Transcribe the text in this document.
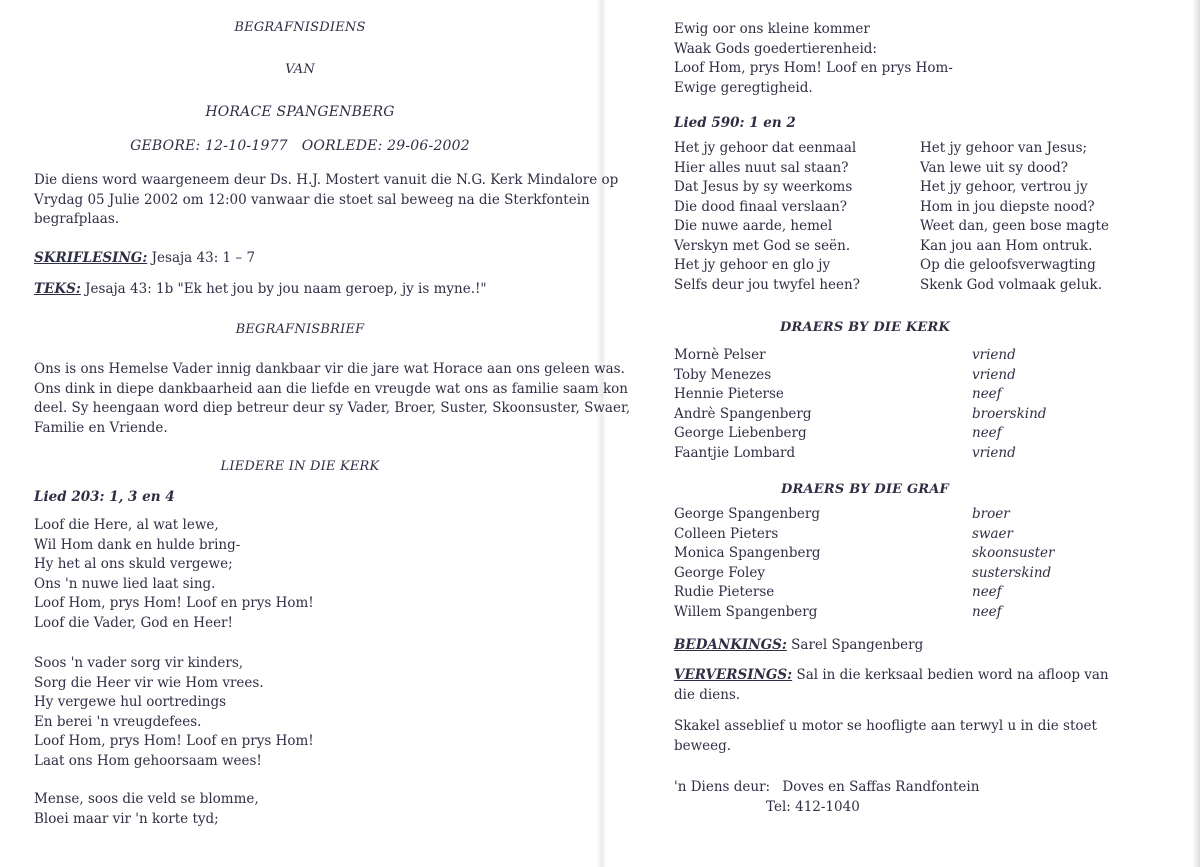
BEGRAFNISDIENS
VAN
HORACE SPANGENBERG
GEBORE: 12-10-1977   OORLEDE: 29-06-2002
Die diens word waargeneem deur Ds. H.J. Mostert vanuit die N.G. Kerk Mindalore op
Vrydag 05 Julie 2002 om 12:00 vanwaar die stoet sal beweeg na die Sterkfontein
begrafplaas.
SKRIFLESING: Jesaja 43: 1 – 7
TEKS: Jesaja 43: 1b "Ek het jou by jou naam geroep, jy is myne.!"
BEGRAFNISBRIEF
Ons is ons Hemelse Vader innig dankbaar vir die jare wat Horace aan ons geleen was.
Ons dink in diepe dankbaarheid aan die liefde en vreugde wat ons as familie saam kon
deel. Sy heengaan word diep betreur deur sy Vader, Broer, Suster, Skoonsuster, Swaer,
Familie en Vriende.
LIEDERE IN DIE KERK
Lied 203: 1, 3 en 4
Loof die Here, al wat lewe,
Wil Hom dank en hulde bring-
Hy het al ons skuld vergewe;
Ons 'n nuwe lied laat sing.
Loof Hom, prys Hom! Loof en prys Hom!
Loof die Vader, God en Heer!
Soos 'n vader sorg vir kinders,
Sorg die Heer vir wie Hom vrees.
Hy vergewe hul oortredings
En berei 'n vreugdefees.
Loof Hom, prys Hom! Loof en prys Hom!
Laat ons Hom gehoorsaam wees!
Mense, soos die veld se blomme,
Bloei maar vir 'n korte tyd;
Ewig oor ons kleine kommer
Waak Gods goedertierenheid:
Loof Hom, prys Hom! Loof en prys Hom-
Ewige geregtigheid.
Lied 590: 1 en 2
Het jy gehoor dat eenmaal
Hier alles nuut sal staan?
Dat Jesus by sy weerkoms
Die dood finaal verslaan?
Die nuwe aarde, hemel
Verskyn met God se seën.
Het jy gehoor en glo jy
Selfs deur jou twyfel heen?
Het jy gehoor van Jesus;
Van lewe uit sy dood?
Het jy gehoor, vertrou jy
Hom in jou diepste nood?
Weet dan, geen bose magte
Kan jou aan Hom ontruk.
Op die geloofsverwagting
Skenk God volmaak geluk.
DRAERS BY DIE KERK
Mornè Pelser
Toby Menezes
Hennie Pieterse
Andrè Spangenberg
George Liebenberg
Faantjie Lombard
vriend
vriend
neef
broerskind
neef
vriend
DRAERS BY DIE GRAF
George Spangenberg
Colleen Pieters
Monica Spangenberg
George Foley
Rudie Pieterse
Willem Spangenberg
broer
swaer
skoonsuster
susterskind
neef
neef
BEDANKINGS: Sarel Spangenberg
VERVERSINGS: Sal in die kerksaal bedien word na afloop van
die diens.
Skakel asseblief u motor se hoofligte aan terwyl u in die stoet
beweeg.
'n Diens deur: Doves en Saffas Randfontein
Tel: 412-1040
